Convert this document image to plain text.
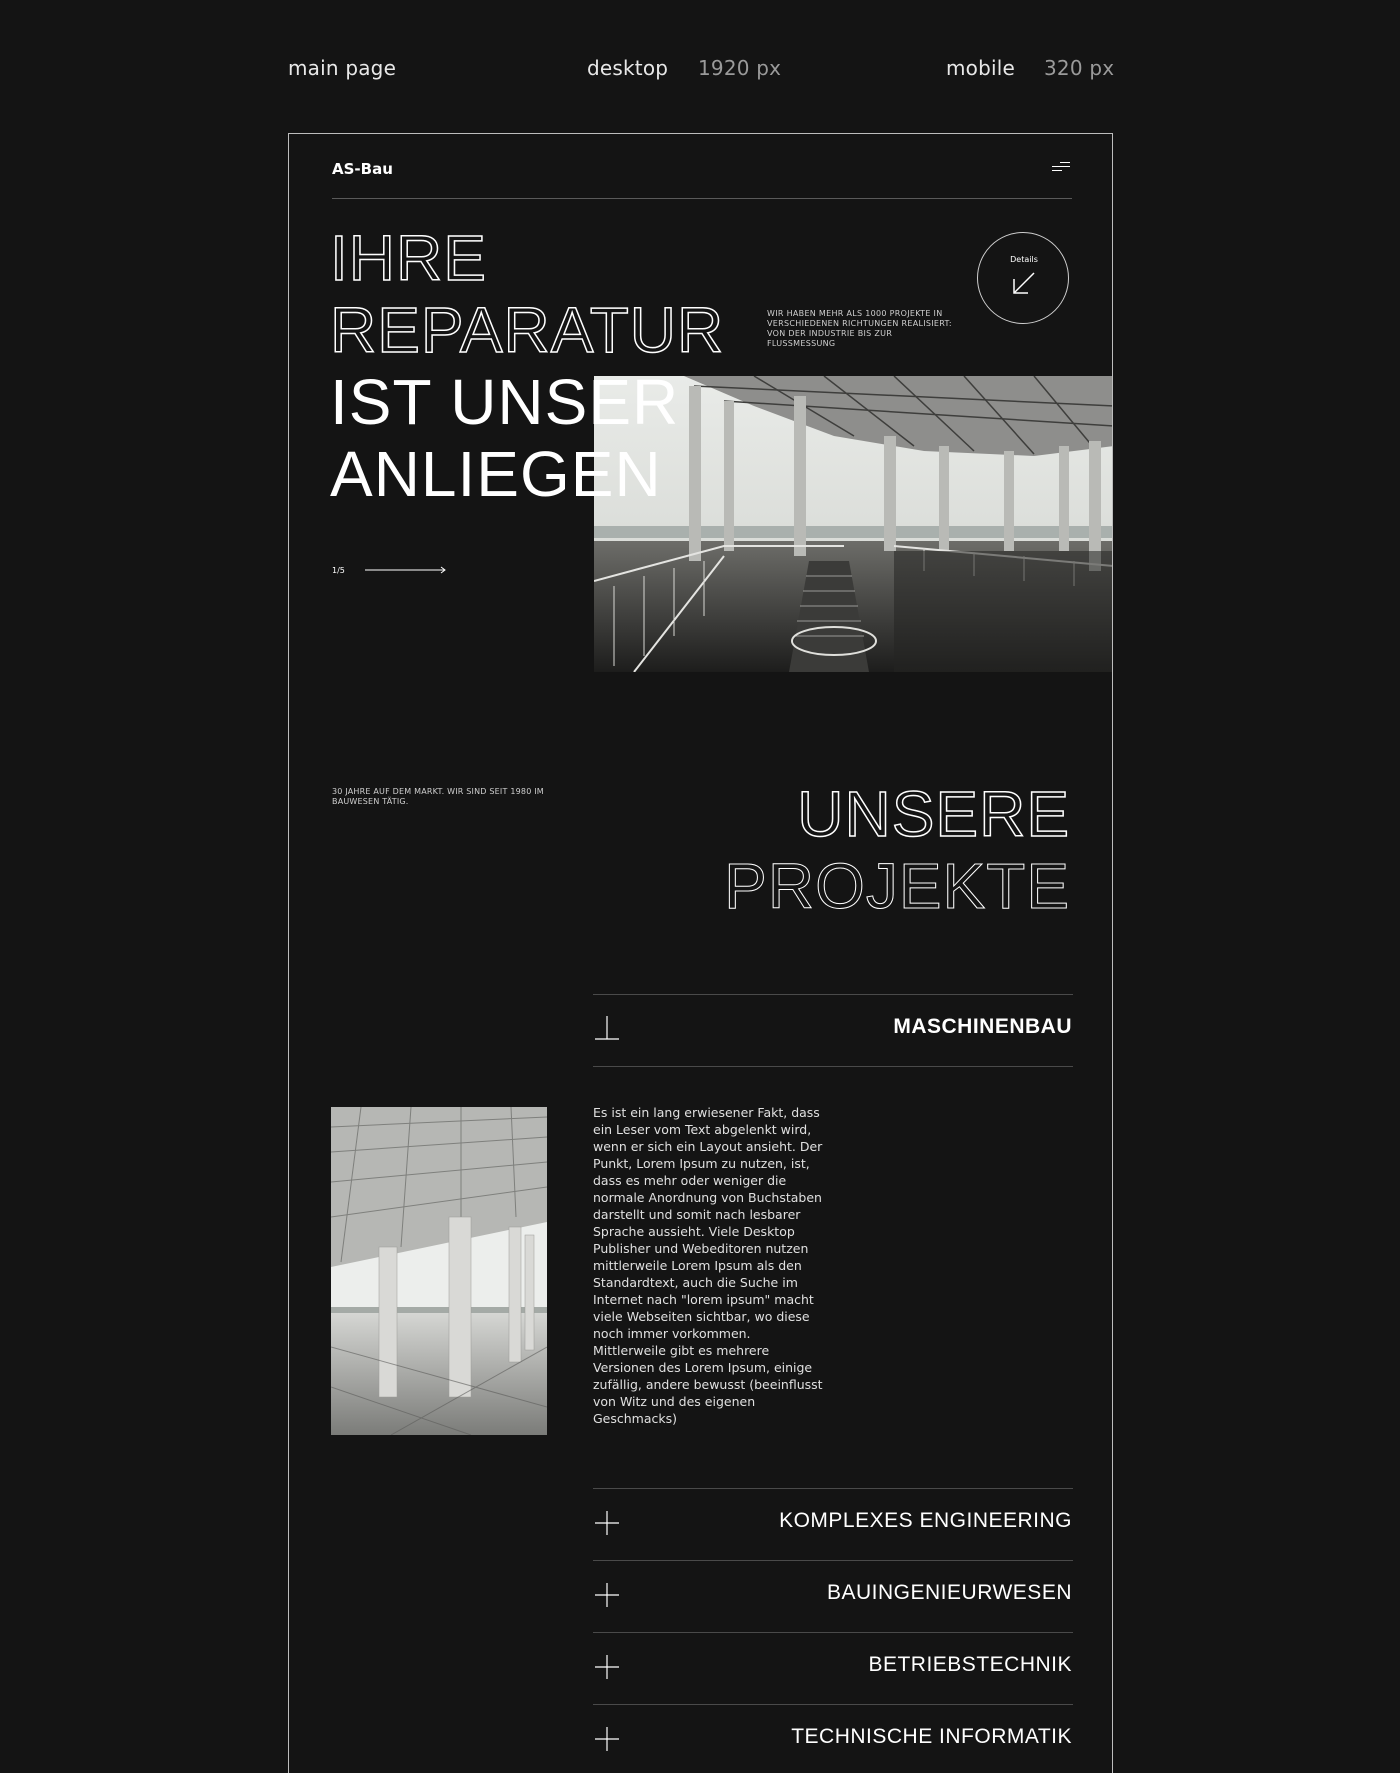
main page	desktop 1920 px	mobile 320 px
AS-Bau
IHRE
REPARATUR
IST UNSER
ANLIEGEN
WIR HABEN MEHR ALS 1000 PROJEKTE IN VERSCHIEDENEN RICHTUNGEN REALISIERT: VON DER INDUSTRIE BIS ZUR FLUSSMESSUNG
Details
1/5
30 JAHRE AUF DEM MARKT. WIR SIND SEIT 1980 IM BAUWESEN TÄTIG.	UNSERE
PROJEKTE
MASCHINENBAU
Es ist ein lang erwiesener Fakt, dass ein Leser vom Text abgelenkt wird, wenn er sich ein Layout ansieht. Der Punkt, Lorem Ipsum zu nutzen, ist, dass es mehr oder weniger die normale Anordnung von Buchstaben darstellt und somit nach lesbarer Sprache aussieht. Viele Desktop Publisher und Webeditoren nutzen mittlerweile Lorem Ipsum als den Standardtext, auch die Suche im Internet nach "lorem ipsum" macht viele Webseiten sichtbar, wo diese noch immer vorkommen. Mittlerweile gibt es mehrere Versionen des Lorem Ipsum, einige zufällig, andere bewusst (beeinflusst von Witz und des eigenen Geschmacks)
KOMPLEXES ENGINEERING
BAUINGENIEURWESEN
BETRIEBSTECHNIK
TECHNISCHE INFORMATIK
